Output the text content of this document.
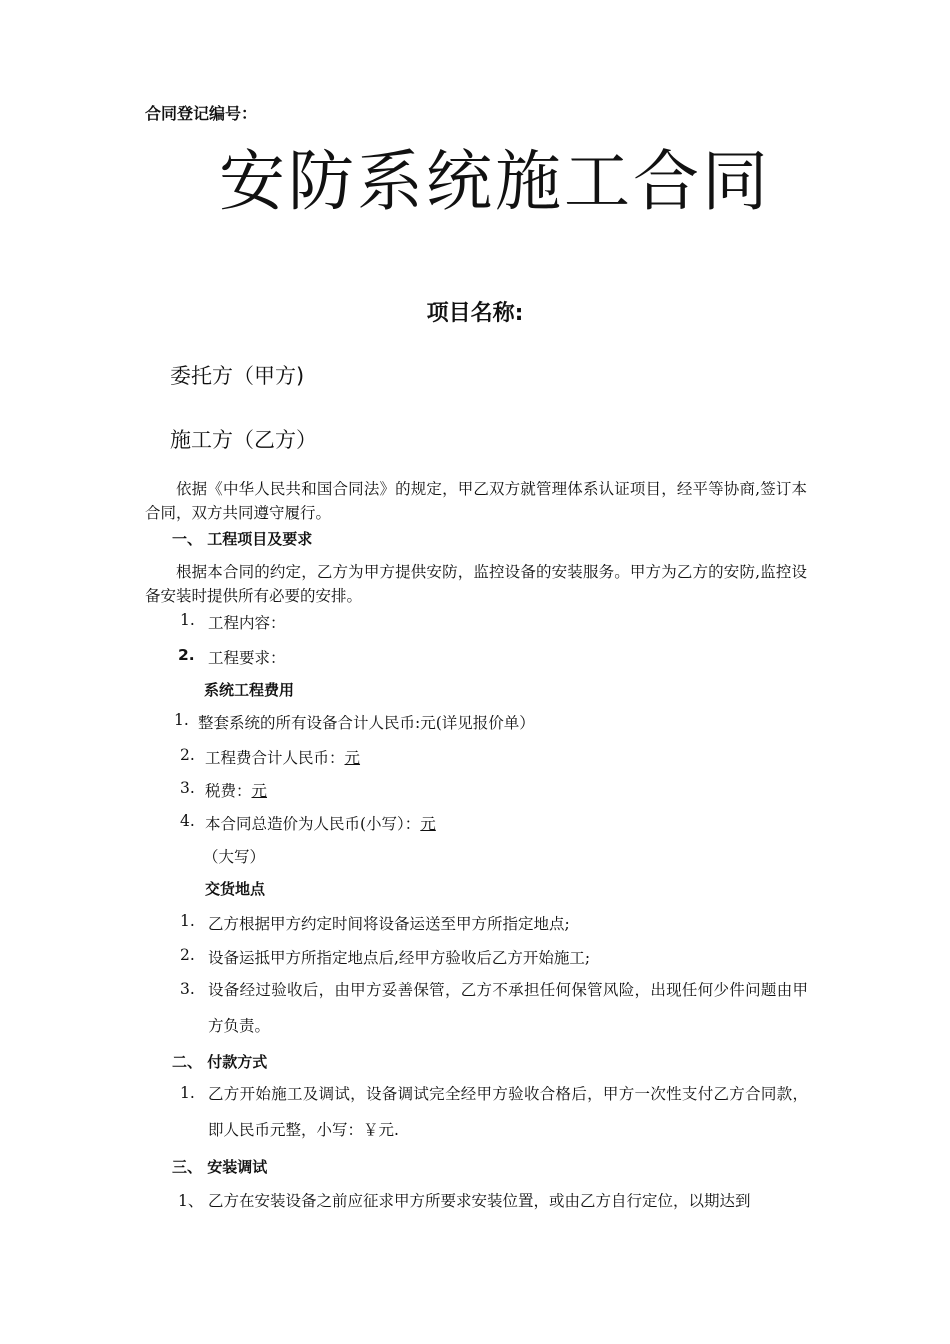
合同登记编号：
安防系统施工合同
项目名称:
委托方（甲方)
施工方（乙方）
依据《中华人民共和国合同法》的规定，甲乙双方就管理体系认证项目，经平等协商,签订本合同，双方共同遵守履行。
一、 工程项目及要求
根据本合同的约定，乙方为甲方提供安防，监控设备的安装服务。甲方为乙方的安防,监控设备安装时提供所有必要的安排。
1. 工程内容：
2. 工程要求：
系统工程费用
1. 整套系统的所有设备合计人民币:元(详见报价单）
2. 工程费合计人民币：元
3. 税费：元
4. 本合同总造价为人民币(小写）：元
（大写）
交货地点
1. 乙方根据甲方约定时间将设备运送至甲方所指定地点;
2. 设备运抵甲方所指定地点后,经甲方验收后乙方开始施工;
3. 设备经过验收后，由甲方妥善保管，乙方不承担任何保管风险，出现任何少件问题由甲方负责。
二、 付款方式
1. 乙方开始施工及调试，设备调试完全经甲方验收合格后，甲方一次性支付乙方合同款，即人民币元整，小写：￥元.
三、 安装调试
1、 乙方在安装设备之前应征求甲方所要求安装位置，或由乙方自行定位，以期达到
